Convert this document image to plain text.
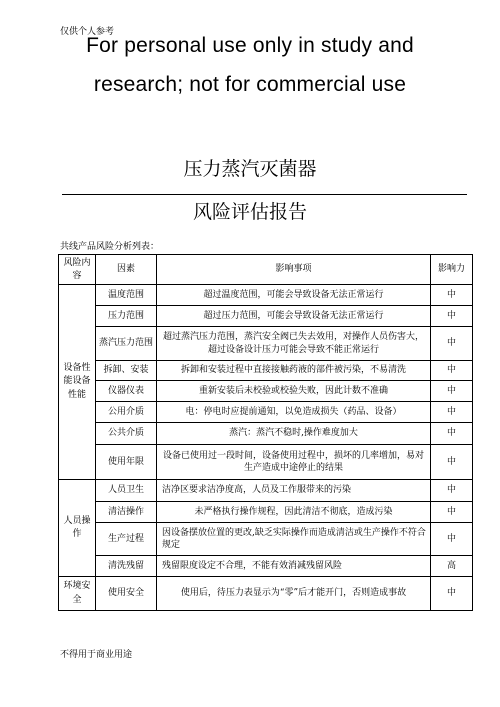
仅供个人参考
For personal use only in study and
research; not for commercial use
压力蒸汽灭菌器
风险评估报告
共线产品风险分析列表：
风险内容	因素	影响事项	影响力
设备性能设备性能	温度范围	超过温度范围，可能会导致设备无法正常运行	中
	压力范围	超过压力范围，可能会导致设备无法正常运行	中
	蒸汽压力范围	超过蒸汽压力范围，蒸汽安全阀已失去效用，对操作人员伤害大，超过设备设计压力可能会导致不能正常运行	中
	拆卸、安装	拆卸和安装过程中直接接触药液的部件被污染，不易清洗	中
	仪器仪表	重新安装后未校验或校验失败，因此计数不准确	中
	公用介质	电：停电时应提前通知，以免造成损失（药品、设备）	中
	公共介质	蒸汽：蒸汽不稳时,操作难度加大	中
	使用年限	设备已使用过一段时间，设备使用过程中，损坏的几率增加，易对生产造成中途停止的结果	中
人员操作	人员卫生	洁净区要求洁净度高，人员及工作服带来的污染	中
	清洁操作	未严格执行操作规程，因此清洁不彻底，造成污染	中
	生产过程	因设备摆放位置的更改,缺乏实际操作而造成清洁或生产操作不符合规定	中
	清洗残留	残留限度设定不合理，不能有效消减残留风险	高
环境安全	使用安全	使用后，待压力表显示为“零”后才能开门，否则造成事故	中
不得用于商业用途
